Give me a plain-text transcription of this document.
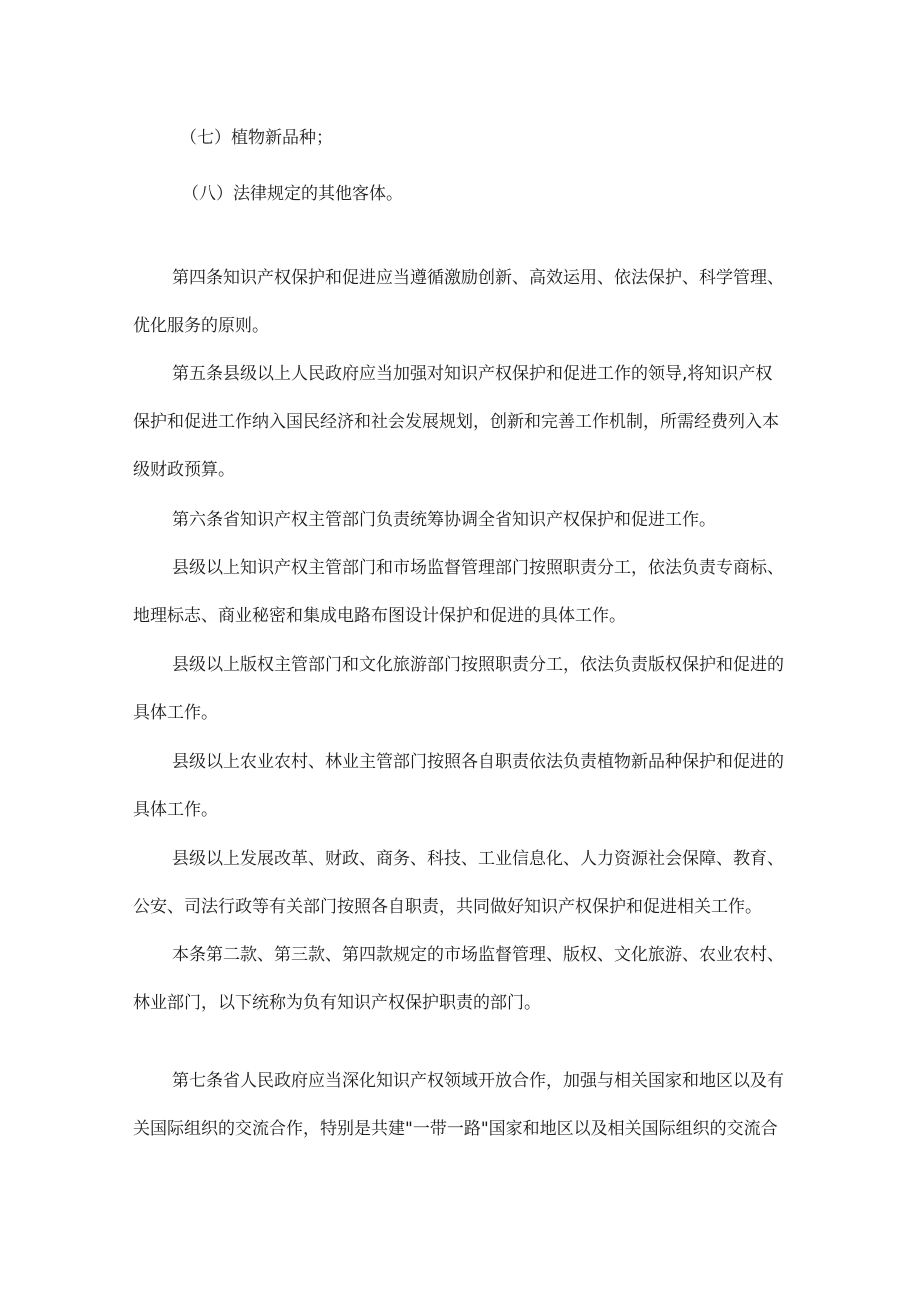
（七）植物新品种；
（八）法律规定的其他客体。
第四条知识产权保护和促进应当遵循激励创新、高效运用、依法保护、科学管理、
优化服务的原则。
第五条县级以上人民政府应当加强对知识产权保护和促进工作的领导,将知识产权
保护和促进工作纳入国民经济和社会发展规划，创新和完善工作机制，所需经费列入本
级财政预算。
第六条省知识产权主管部门负责统筹协调全省知识产权保护和促进工作。
县级以上知识产权主管部门和市场监督管理部门按照职责分工，依法负责专商标、
地理标志、商业秘密和集成电路布图设计保护和促进的具体工作。
县级以上版权主管部门和文化旅游部门按照职责分工，依法负责版权保护和促进的
具体工作。
县级以上农业农村、林业主管部门按照各自职责依法负责植物新品种保护和促进的
具体工作。
县级以上发展改革、财政、商务、科技、工业信息化、人力资源社会保障、教育、
公安、司法行政等有关部门按照各自职责，共同做好知识产权保护和促进相关工作。
本条第二款、第三款、第四款规定的市场监督管理、版权、文化旅游、农业农村、
林业部门，以下统称为负有知识产权保护职责的部门。
第七条省人民政府应当深化知识产权领域开放合作，加强与相关国家和地区以及有
关国际组织的交流合作，特别是共建"一带一路"国家和地区以及相关国际组织的交流合
